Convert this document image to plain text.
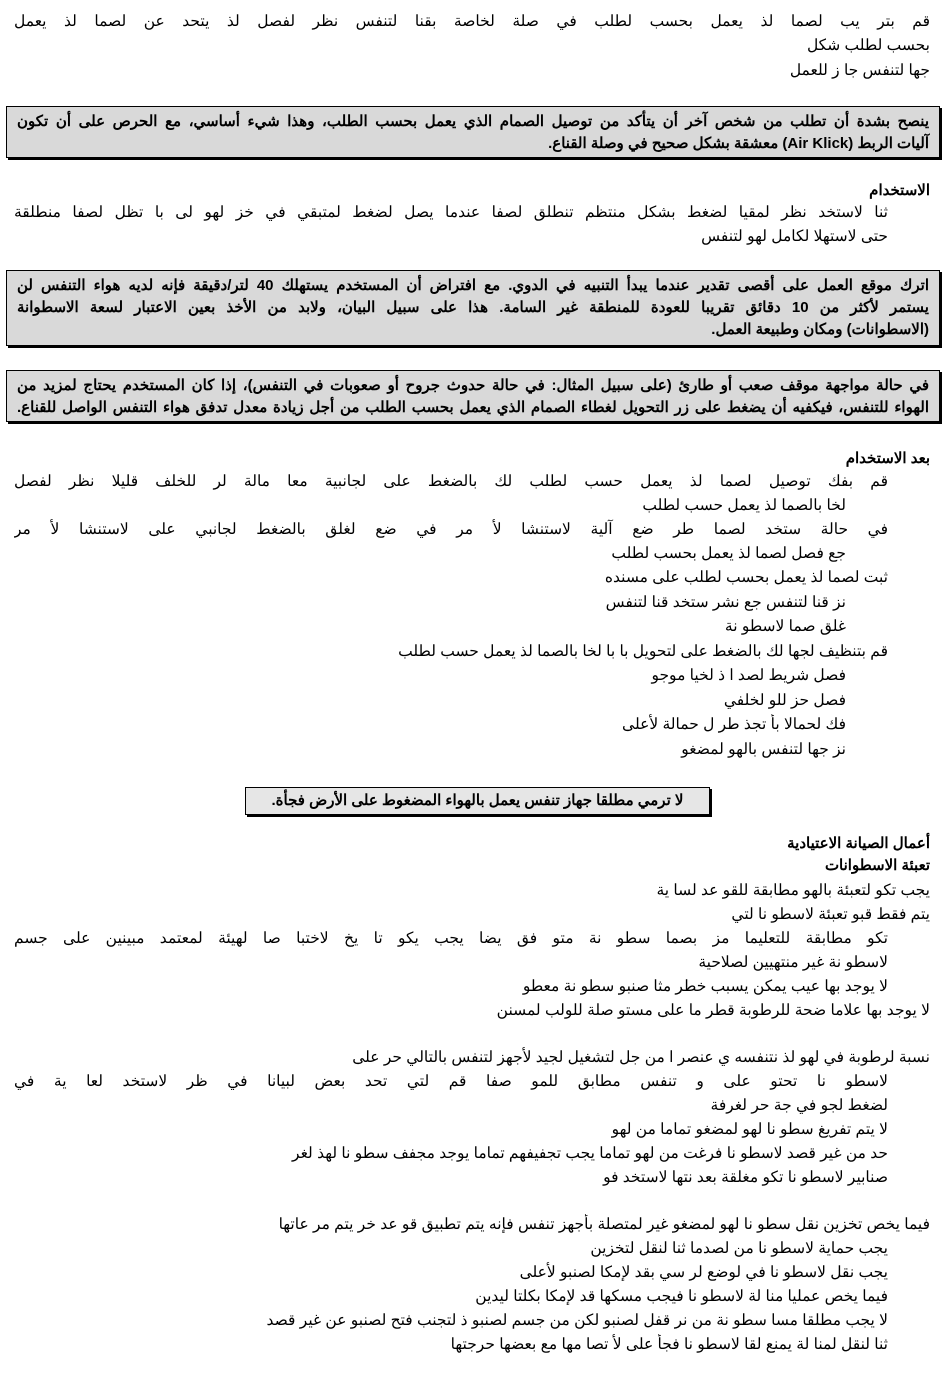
قم بتر يب لصما لذ يعمل بحسب لطلب في صلة لخاصة بقنا لتنفس نظر لفصل لذ يتحد عن لصما لذ يعمل
بحسب لطلب شكل
جها لتنفس جا ز للعمل
ينصح بشدة أن تطلب من شخص آخر أن يتأكد من توصيل الصمام الذي يعمل بحسب الطلب، وهذا شيء أساسي، مع الحرص على أن تكون
آليات الربط (Air Klick) معشقة بشكل صحيح في وصلة القناع.
الاستخدام
ثنا لاستخد نظر لمقيا لضغط بشكل منتظم تنطلق لصفا عندما يصل لضغط لمتبقي في خز لهو لى با تظل لصفا منطلقة
حتى لاستهلا لكامل لهو لتنفس
اترك موقع العمل على أقصى تقدير عندما يبدأ التنبيه في الدوي. مع افتراض أن المستخدم يستهلك 40 لتر/دقيقة فإنه لديه هواء التنفس لن
يستمر لأكثر من 10 دقائق تقريبا للعودة للمنطقة غير السامة. هذا على سبيل البيان، ولابد من الأخذ بعين الاعتبار لسعة الاسطوانة
(الاسطوانات) ومكان وطبيعة العمل.
في حالة مواجهة موقف صعب أو طارئ (على سبيل المثال: في حالة حدوث جروح أو صعوبات في التنفس)، إذا كان المستخدم يحتاج لمزيد من
الهواء للتنفس، فيكفيه أن يضغط على زر التحويل لغطاء الصمام الذي يعمل بحسب الطلب من أجل زيادة معدل تدفق هواء التنفس الواصل للقناع.
بعد الاستخدام
قم بفك توصيل لصما لذ يعمل حسب لطلب لك بالضغط على لجانبية معا مالة لر للخلف قليلا نظر لفصل
لخا بالصما لذ يعمل حسب لطلب
في حالة ستخد لصما طر ضع آلية لاستنشا لأ مر في ضع لغلق بالضغط لجانبي على لاستنشا لأ مر
جع فصل لصما لذ يعمل بحسب لطلب
ثبت لصما لذ يعمل بحسب لطلب على مسنده
نز قنا لتنفس جع نشر ستخد قنا لتنفس
غلق صما لاسطو نة
قم بتنظيف لجها لك بالضغط على لتحويل با با لخا بالصما لذ يعمل حسب لطلب
فصل شريط لصد ا ذ لخيا موجو
فصل حز للو لخلفي
فك لحمالا بأ تجذ طر ل حمالة لأعلى
نز جها لتنفس بالهو لمضغو
لا ترمي مطلقا جهاز تنفس يعمل بالهواء المضغوط على الأرض فجأة.
أعمال الصيانة الاعتيادية
تعبئة الاسطوانات
يجب تكو لتعبئة بالهو مطابقة للقو عد لسا ية
يتم فقط قبو تعبئة لاسطو نا لتي
تكو مطابقة للتعليما مز بصما سطو نة متو فق يضا يجب يكو تا يخ لاختبا صا لهيئة لمعتمد مبينين على جسم
لاسطو نة غير منتهيين لصلاحية
لا يوجد بها عيب يمكن يسبب خطر مثا صنبو سطو نة معطو
لا يوجد بها علاما ضحة للرطوبة قطر ما على مستو صلة للولب لمسنن
نسبة لرطوبة في لهو لذ نتنفسه ي عنصر ا من جل لتشغيل لجيد لأجهز لتنفس بالتالي حر على
لاسطو نا تحتو على و تنفس مطابق للمو صفا قم لتي تحد بعض لبيانا في ظر لاستخد لعا ية في
لضغط لجو في جة حر لغرفة
لا يتم تفريغ سطو نا لهو لمضغو تماما من لهو
حد من غير قصد لاسطو نا فرغت من لهو تماما يجب تجفيفهم تماما يوجد مجفف سطو نا لهذ لغر
صنابير لاسطو نا تكو مغلقة بعد نتها لاستخد فو
فيما يخص تخزين نقل سطو نا لهو لمضغو غير لمتصلة بأجهز تنفس فإنه يتم تطبيق قو عد خر يتم مر عاتها
يجب حماية لاسطو نا من لصدما ثنا لنقل لتخزين
يجب نقل لاسطو نا في لوضع لر سي بقد لإمكا لصنبو لأعلى
فيما يخص عمليا منا لة لاسطو نا فيجب مسكها قد لإمكا بكلتا ليدين
لا يجب مطلقا مسا سطو نة من نر قفل لصنبو لكن من جسم لصنبو ذ لتجنب فتح لصنبو عن غير قصد
ثنا لنقل لمنا لة يمنع لقا لاسطو نا فجأ على لأ تصا مها مع بعضها حرجتها
